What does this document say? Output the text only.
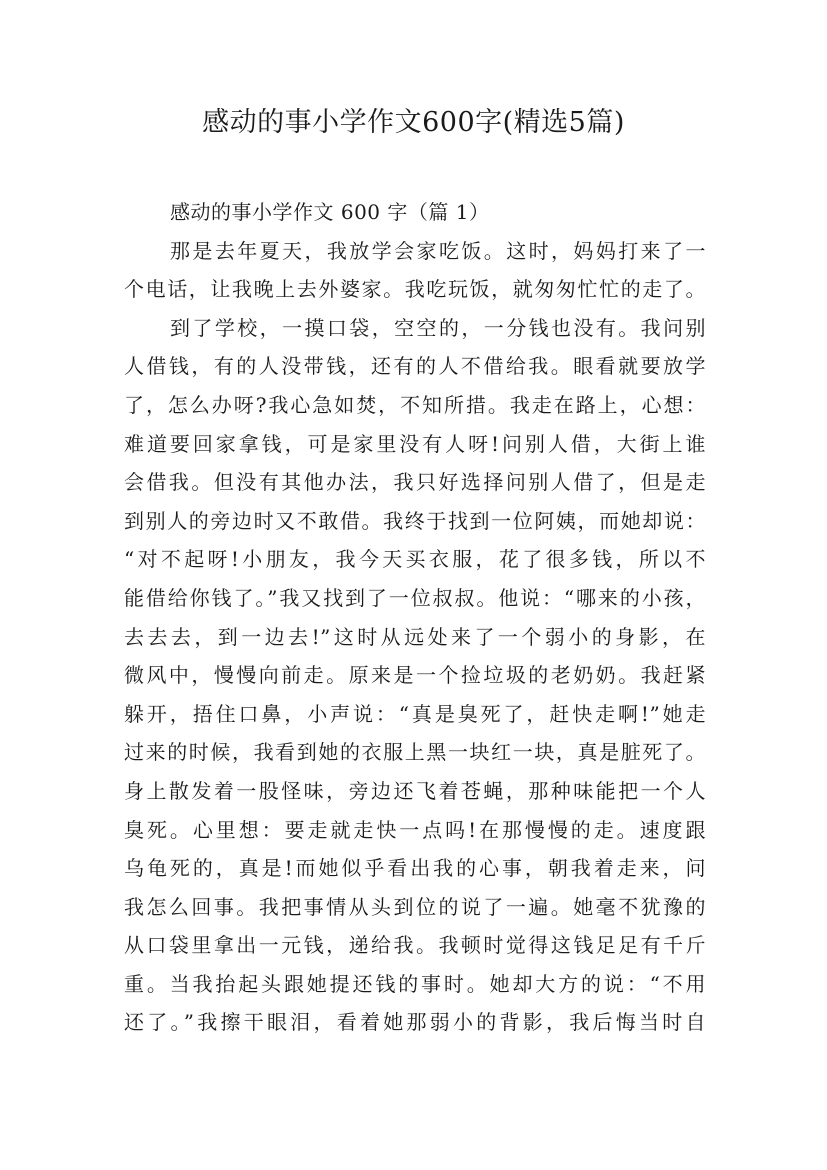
感动的事小学作文600字(精选5篇)
感动的事小学作文 600 字（篇 1）
那是去年夏天，我放学会家吃饭。这时，妈妈打来了一
个电话，让我晚上去外婆家。我吃玩饭，就匆匆忙忙的走了。
到了学校，一摸口袋，空空的，一分钱也没有。我问别
人借钱，有的人没带钱，还有的人不借给我。眼看就要放学
了，怎么办呀?我心急如焚，不知所措。我走在路上，心想：
难道要回家拿钱，可是家里没有人呀!问别人借，大街上谁
会借我。但没有其他办法，我只好选择问别人借了，但是走
到别人的旁边时又不敢借。我终于找到一位阿姨，而她却说：
“对不起呀!小朋友，我今天买衣服，花了很多钱，所以不
能借给你钱了。”我又找到了一位叔叔。他说：“哪来的小孩，
去去去，到一边去!”这时从远处来了一个弱小的身影，在
微风中，慢慢向前走。原来是一个捡垃圾的老奶奶。我赶紧
躲开，捂住口鼻，小声说：“真是臭死了，赶快走啊!”她走
过来的时候，我看到她的衣服上黑一块红一块，真是脏死了。
身上散发着一股怪味，旁边还飞着苍蝇，那种味能把一个人
臭死。心里想：要走就走快一点吗!在那慢慢的走。速度跟
乌龟死的，真是!而她似乎看出我的心事，朝我着走来，问
我怎么回事。我把事情从头到位的说了一遍。她毫不犹豫的
从口袋里拿出一元钱，递给我。我顿时觉得这钱足足有千斤
重。当我抬起头跟她提还钱的事时。她却大方的说：“不用
还了。”我擦干眼泪，看着她那弱小的背影，我后悔当时自
